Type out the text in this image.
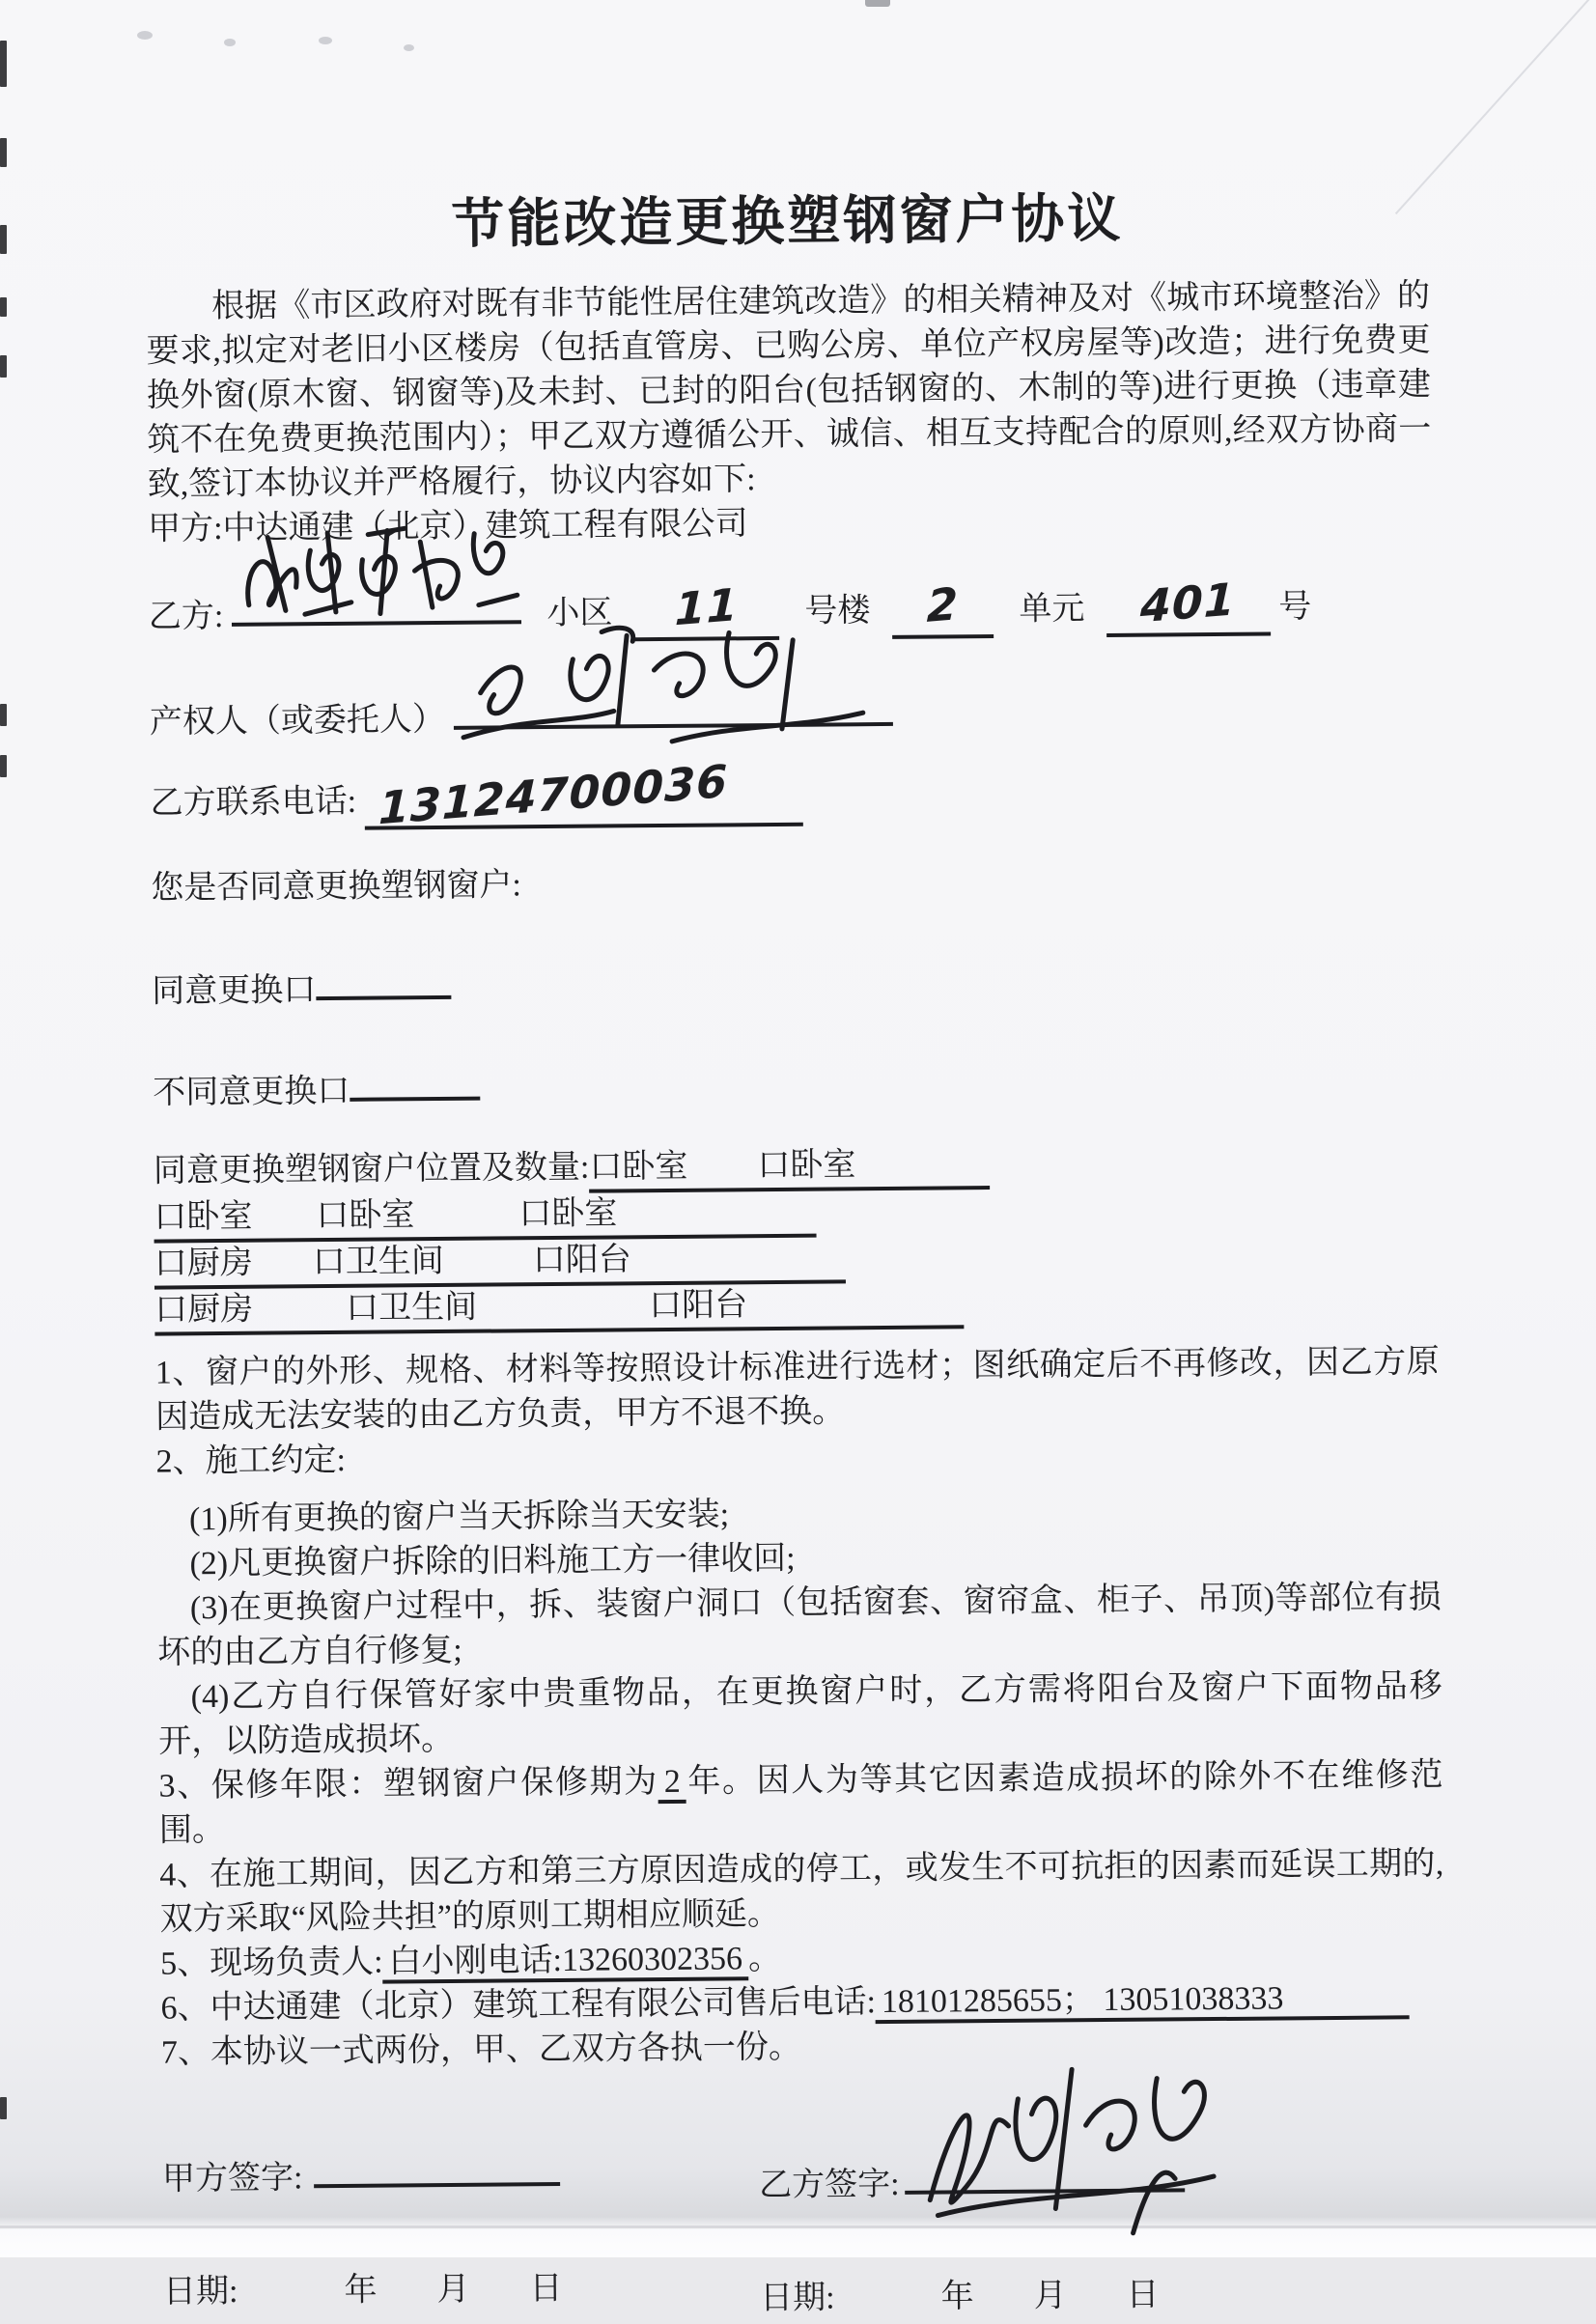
节能改造更换塑钢窗户协议

根据《市区政府对既有非节能性居住建筑改造》的相关精神及对《城市环境整治》的要求,拟定对老旧小区楼房（包括直管房、已购公房、单位产权房屋等)改造；进行免费更换外窗(原木窗、钢窗等)及未封、已封的阳台(包括钢窗的、木制的等)进行更换（违章建筑不在免费更换范围内）；甲乙双方遵循公开、诚信、相互支持配合的原则,经双方协商一致,签订本协议并严格履行，协议内容如下:

甲方:中达通建（北京）建筑工程有限公司

乙方:	小区 11 号楼 2 单元 401 号
产权人（或委托人）
乙方联系电话: 13124700036

您是否同意更换塑钢窗户:

同意更换口
不同意更换口
同意更换塑钢窗户位置及数量:口卧室 口卧室
口卧室 口卧室	口卧室
口厨房 口卫生间	口阳台
口厨房	口卫生间	口阳台

1、窗户的外形、规格、材料等按照设计标准进行选材；图纸确定后不再修改，因乙方原因造成无法安装的由乙方负责，甲方不退不换。

2、施工约定:

(1)所有更换的窗户当天拆除当天安装;

(2)凡更换窗户拆除的旧料施工方一律收回;

(3)在更换窗户过程中，拆、装窗户洞口（包括窗套、窗帘盒、柜子、吊顶)等部位有损坏的由乙方自行修复;

(4)乙方自行保管好家中贵重物品，在更换窗户时，乙方需将阳台及窗户下面物品移开，以防造成损坏。

3、保修年限：塑钢窗户保修期为 2 年。因人为等其它因素造成损坏的除外不在维修范围。

4、在施工期间，因乙方和第三方原因造成的停工，或发生不可抗拒的因素而延误工期的,双方采取“风险共担”的原则工期相应顺延。

5、现场负责人: 白小刚电话:13260302356 。

6、中达通建（北京）建筑工程有限公司售后电话: 18101285655； 13051038333

7、本协议一式两份，甲、乙双方各执一份。

甲方签字:	乙方签字:
日期:	年 月 日	日期:	年 月 日
